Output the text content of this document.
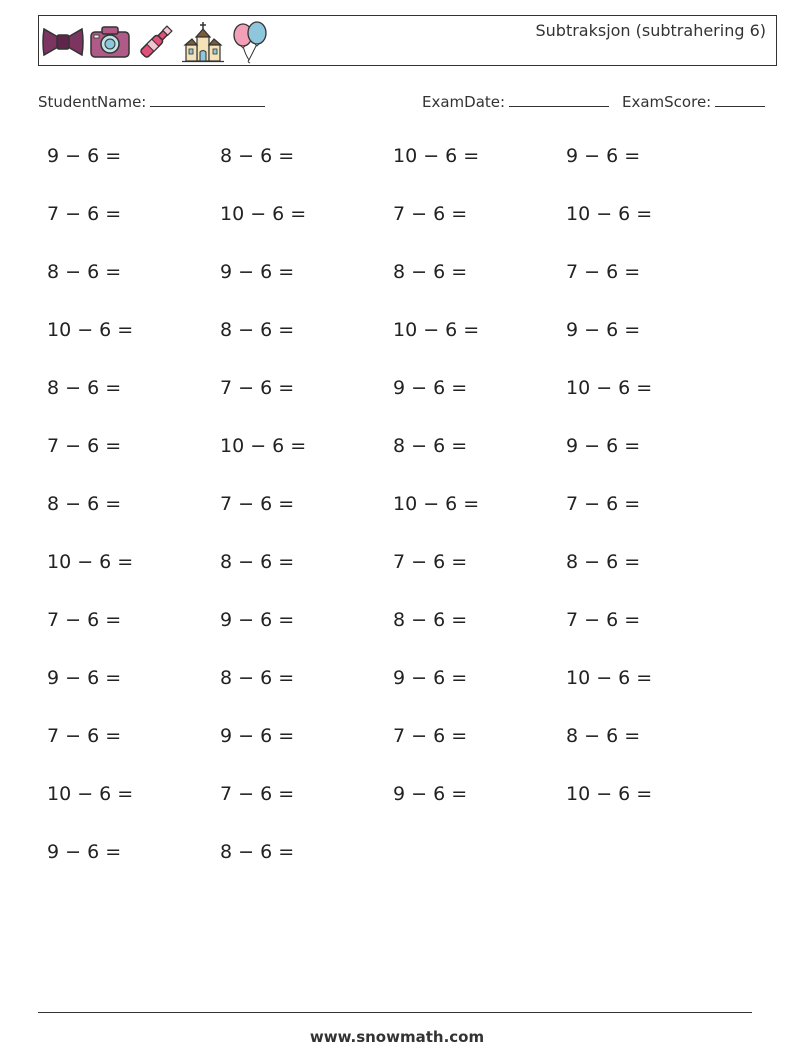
Subtraksjon (subtrahering 6)
StudentName:	ExamDate:	ExamScore:
9 − 6 =	8 − 6 =	10 − 6 =	9 − 6 =
7 − 6 =	10 − 6 =	7 − 6 =	10 − 6 =
8 − 6 =	9 − 6 =	8 − 6 =	7 − 6 =
10 − 6 =	8 − 6 =	10 − 6 =	9 − 6 =
8 − 6 =	7 − 6 =	9 − 6 =	10 − 6 =
7 − 6 =	10 − 6 =	8 − 6 =	9 − 6 =
8 − 6 =	7 − 6 =	10 − 6 =	7 − 6 =
10 − 6 =	8 − 6 =	7 − 6 =	8 − 6 =
7 − 6 =	9 − 6 =	8 − 6 =	7 − 6 =
9 − 6 =	8 − 6 =	9 − 6 =	10 − 6 =
7 − 6 =	9 − 6 =	7 − 6 =	8 − 6 =
10 − 6 =	7 − 6 =	9 − 6 =	10 − 6 =
9 − 6 =	8 − 6 =
www.snowmath.com
